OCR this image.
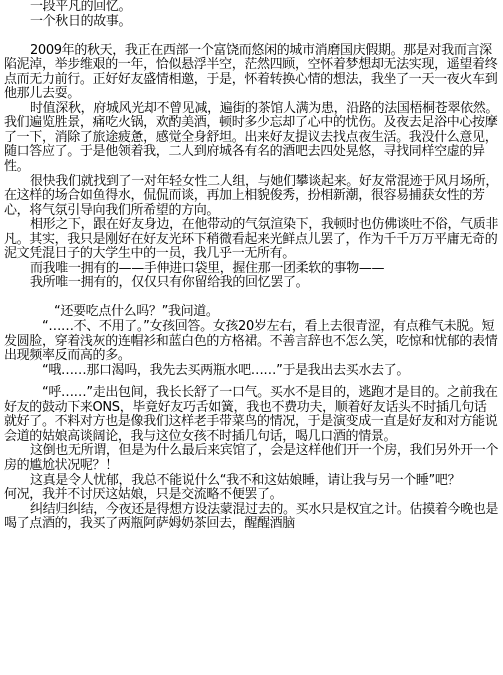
一段平凡的回忆。

一个秋日的故事。

2009年的秋天，我正在西部一个富饶而悠闲的城市消磨国庆假期。那是对我而言深陷泥淖，举步维艰的一年，恰似悬浮半空，茫然四顾，空怀着梦想却无法实现，遥望着终点而无力前行。正好好友盛情相邀，于是，怀着转换心情的想法，我坐了一天一夜火车到他那儿去耍。

时值深秋，府城风光却不曾见减，遍街的茶馆人满为患，沿路的法国梧桐苍翠依然。我们遍览胜景，痛吃火锅，欢酌美酒，顿时多少忘却了心中的忧伤。及夜去足浴中心按摩了一下，消除了旅途疲惫，感觉全身舒坦。出来好友提议去找点夜生活。我没什么意见，随口答应了。于是他领着我，二人到府城各有名的酒吧去四处晃悠，寻找同样空虚的异性。

很快我们就找到了一对年轻女性二人组，与她们攀谈起来。好友常混迹于风月场所，在这样的场合如鱼得水，侃侃而谈，再加上相貌俊秀，扮相新潮，很容易捕获女性的芳心，将气氛引导向我们所希望的方向。

相形之下，跟在好友身边，在他带动的气氛渲染下，我顿时也仿佛谈吐不俗，气质非凡。其实，我只是刚好在好友光环下稍微看起来光鲜点儿罢了，作为千千万万平庸无奇的泥文凭混日子的大学生中的一员，我几乎一无所有。

而我唯一拥有的——手伸进口袋里，握住那一团柔软的事物——

我所唯一拥有的，仅仅只有你留给我的回忆罢了。

“还要吃点什么吗？”我问道。

“……不、不用了。”女孩回答。女孩20岁左右，看上去很青涩，有点稚气未脱。短发圆脸，穿着浅灰的连帽衫和蓝白色的方格裙。不善言辞也不怎么笑，吃惊和忧郁的表情出现频率反而高的多。

“哦……那口渴吗，我先去买两瓶水吧……”于是我出去买水去了。

“呼……”走出包间，我长长舒了一口气。买水不是目的，逃跑才是目的。之前我在好友的鼓动下来ONS，毕竟好友巧舌如簧，我也不费功夫，顺着好友话头不时插几句话就好了。不料对方也是像我们这样老手带菜鸟的情况，于是演变成一直是好友和对方能说会道的姑娘高谈阔论，我与这位女孩不时插几句话，喝几口酒的情景。

这倒也无所谓，但是为什么最后来宾馆了，会是这样他们开一个房，我们另外开一个房的尴尬状况呢？！

这真是令人忧郁，我总不能说什么“我不和这姑娘睡，请让我与另一个睡”吧？

何况，我并不讨厌这姑娘，只是交流略不便罢了。

纠结归纠结，今夜还是得想方设法蒙混过去的。买水只是权宜之计。估摸着今晚也是喝了点酒的，我买了两瓶阿萨姆奶茶回去，醒醒酒脑
